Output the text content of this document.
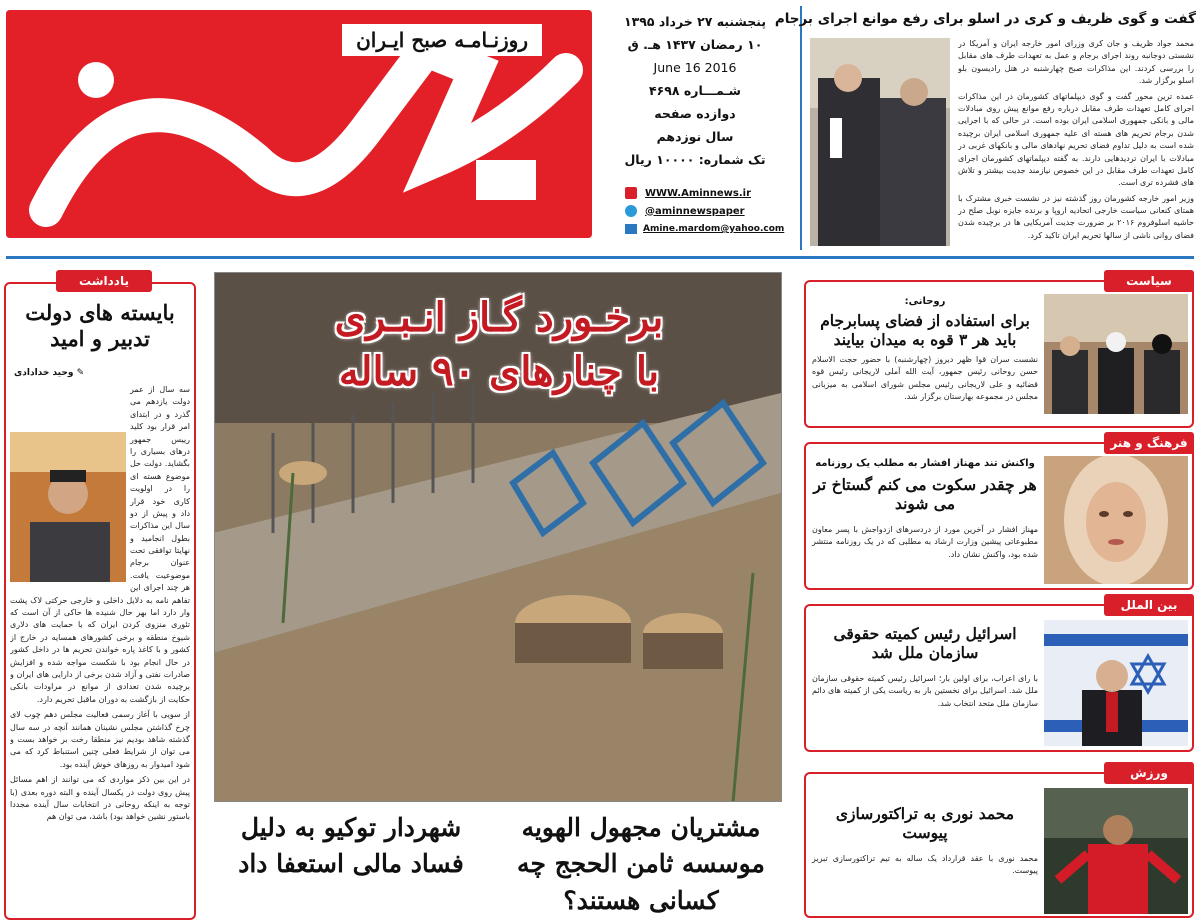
روزنـامـه صبح ایـران
پنجشنبه ۲۷ خرداد ۱۳۹۵
۱۰ رمضان ۱۴۳۷ هـ. ق
2016 June 16
شـمـــاره ۴۶۹۸
دوازده صفحه
سال نوزدهم
تک شماره: ۱۰۰۰۰ ریال
WWW.Aminnews.ir
@aminnewspaper
Amine.mardom@yahoo.com
گفت و گوی ظریف و کری در اسلو برای رفع موانع اجرای برجام

محمد جواد ظریف و جان کری وزرای امور خارجه ایران و آمریکا در نشستی دوجانبه روند اجرای برجام و عمل به تعهدات طرف های مقابل را بررسی کردند. این مذاکرات صبح چهارشنبه در هتل رادیسون بلو اسلو برگزار شد.

عمده ترین محور گفت و گوی دیپلماتهای کشورمان در این مذاکرات اجرای کامل تعهدات طرف مقابل درباره رفع موانع پیش روی مبادلات مالی و بانکی جمهوری اسلامی ایران بوده است. در حالی که با اجرایی شدن برجام تحریم های هسته ای علیه جمهوری اسلامی ایران برچیده شده است به دلیل تداوم فضای تحریم نهادهای مالی و بانکهای غربی در مبادلات با ایران تردیدهایی دارند. به گفته دیپلماتهای کشورمان اجرای کامل تعهدات طرف مقابل در این خصوص نیازمند جدیت بیشتر و تلاش های فشرده تری است.

وزیر امور خارجه کشورمان روز گذشته نیز در نشست خبری مشترک با همتای کنعانی سیاست خارجی اتحادیه اروپا و برنده جایزه نوبل صلح در حاشیه اسلوفروم ۲۰۱۶ بر ضرورت جدیت آمریکایی ها در برچیده شدن فضای روانی ناشی از سالها تحریم ایران تاکید کرد.

یادداشت
بایسته های دولت تدبیر و امید
✎ وحید خداداد‌ی

سه سال از عمر دولت یازدهم می گذرد و در ابتدای امر قرار بود کلید رییس جمهور درهای بسیاری را بگشاید. دولت حل موضوع هسته ای را در اولویت کاری خود قرار داد و پیش از دو سال این مذاکرات بطول انجامید و نهایتا توافقی تحت عنوان برجام موضوعیت یافت. هر چند اجرای این تفاهم نامه به دلایل داخلی و خارجی حرکتی لاک پشت وار دارد اما بهر حال شنیده ها حاکی از آن است که تئوری منزوی کردن ایران که با حمایت های دلاری شیوخ منطقه و برخی کشورهای همسایه در خارج از کشور و با کاغذ پاره خواندن تحریم ها در داخل کشور در حال انجام بود با شکست مواجه شده و افزایش صادرات نفتی و آزاد شدن برخی از دارایی های ایران و برچیده شدن تعدادی از موانع در مراودات بانکی حکایت از بازگشت به دوران ماقبل تحریم دارد.

از سویی با آغاز رسمی فعالیت مجلس دهم چوب لای چرخ گذاشتن مجلس نشینان همانند آنچه در سه سال گذشته شاهد بودیم نیز منطقا رخت بر خواهد بست و می توان از شرایط فعلی چنین استنباط کرد که می شود امیدوار به روزهای خوش آینده بود.

در این بین ذکر مواردی که می توانند از اهم مسائل پیش روی دولت در یکسال آینده و البته دوره بعدی (با توجه به اینکه روحانی در انتخابات سال آینده مجددا باستور نشین خواهد بود) باشد، می توان هم

برخـورد گـاز انـبـری
با چنارهای ۹۰ ساله
مشتریان مجهول الهویه موسسه ثامن الحجج چه کسانی هستند؟
شهردار توکیو به دلیل فساد مالی استعفا داد
سیاست
روحانی:
برای استفاده از فضای پسابرجام باید هر ۳ قوه به میدان بیایند
نشست سران قوا ظهر دیروز (چهارشنبه) با حضور حجت الاسلام حسن روحانی رئیس جمهور، آیت الله آملی لاریجانی رئیس قوه قضائیه و علی لاریجانی رئیس مجلس شورای اسلامی به میزبانی مجلس در مجموعه بهارستان برگزار شد.
فرهنگ و هنر
واکنش تند مهناز افشار به مطلب یک روزنامه
هر چقدر سکوت می کنم گستاخ تر می شوند
مهناز افشار در آخرین مورد از دردسرهای ازدواجش با پسر معاون مطبوعاتی پیشین وزارت ارشاد به مطلبی که در یک روزنامه منتشر شده بود، واکنش نشان داد.
بین الملل
اسرائیل رئیس کمیته حقوقی سازمان ملل شد
با رای اعراب، برای اولین بار؛ اسرائیل رئیس کمیته حقوقی سازمان ملل شد. اسرائیل برای نخستین بار به ریاست یکی از کمیته های دائم سازمان ملل متحد انتخاب شد.
ورزش
محمد نوری به تراکتورسازی پیوست
محمد نوری با عقد قرارداد یک ساله به تیم تراکتورسازی تبریز پیوست.
